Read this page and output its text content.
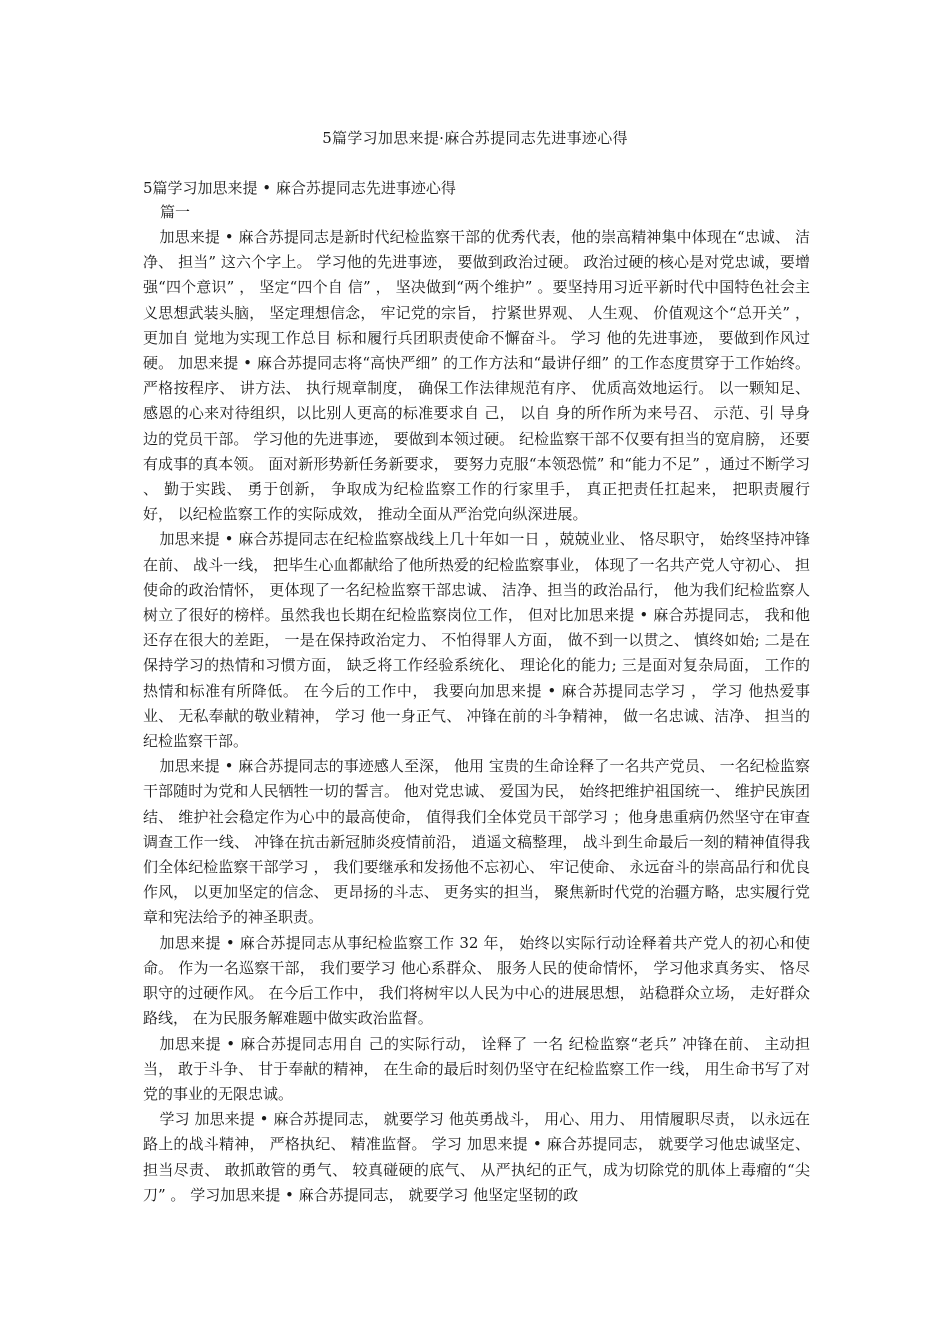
5篇学习加思来提·麻合苏提同志先进事迹心得
5篇学习加思来提 • 麻合苏提同志先进事迹心得
篇一

加思来提 • 麻合苏提同志是新时代纪检监察干部的优秀代表，他的崇高精神集中体现在“忠诚、 洁净、 担当” 这六个字上。 学习他的先进事迹， 要做到政治过硬。 政治过硬的核心是对党忠诚，要增强“四个意识” ， 坚定“四个自 信” ， 坚决做到“两个维护” 。要坚持用习近平新时代中国特色社会主义思想武装头脑， 坚定理想信念， 牢记党的宗旨， 拧紧世界观、 人生观、 价值观这个“总开关” ， 更加自 觉地为实现工作总目 标和履行兵团职责使命不懈奋斗。 学习 他的先进事迹， 要做到作风过硬。 加思来提 • 麻合苏提同志将“高快严细” 的工作方法和“最讲仔细” 的工作态度贯穿于工作始终。 严格按程序、 讲方法、 执行规章制度， 确保工作法律规范有序、 优质高效地运行。 以一颗知足、 感恩的心来对待组织，以比别人更高的标准要求自 己， 以自 身的所作所为来号召、 示范、引 导身边的党员干部。 学习他的先进事迹， 要做到本领过硬。 纪检监察干部不仅要有担当的宽肩膀， 还要有成事的真本领。 面对新形势新任务新要求， 要努力克服“本领恐慌” 和“能力不足” ，通过不断学习 、 勤于实践、 勇于创新， 争取成为纪检监察工作的行家里手， 真正把责任扛起来， 把职责履行好， 以纪检监察工作的实际成效， 推动全面从严治党向纵深进展。

加思来提 • 麻合苏提同志在纪检监察战线上几十年如一日 ，兢兢业业、 恪尽职守， 始终坚持冲锋在前、 战斗一线， 把毕生心血都献给了他所热爱的纪检监察事业， 体现了一名共产党人守初心、 担使命的政治情怀， 更体现了一名纪检监察干部忠诚、 洁净、担当的政治品行， 他为我们纪检监察人树立了很好的榜样。虽然我也长期在纪检监察岗位工作， 但对比加思来提 • 麻合苏提同志， 我和他还存在很大的差距， 一是在保持政治定力、 不怕得罪人方面， 做不到一以贯之、 慎终如始; 二是在保持学习的热情和习惯方面， 缺乏将工作经验系统化、 理论化的能力; 三是面对复杂局面， 工作的热情和标准有所降低。 在今后的工作中， 我要向加思来提 • 麻合苏提同志学习 ， 学习 他热爱事业、 无私奉献的敬业精神， 学习 他一身正气、 冲锋在前的斗争精神， 做一名忠诚、洁净、 担当的纪检监察干部。

加思来提 • 麻合苏提同志的事迹感人至深， 他用 宝贵的生命诠释了一名共产党员、 一名纪检监察干部随时为党和人民牺牲一切的誓言。 他对党忠诚、 爱国为民， 始终把维护祖国统一、 维护民族团结、 维护社会稳定作为心中的最高使命， 值得我们全体党员干部学习 ；他身患重病仍然坚守在审查调查工作一线、 冲锋在抗击新冠肺炎疫情前沿， 逍遥文稿整理， 战斗到生命最后一刻的精神值得我们全体纪检监察干部学习 ， 我们要继承和发扬他不忘初心、 牢记使命、 永远奋斗的崇高品行和优良作风， 以更加坚定的信念、 更昂扬的斗志、 更务实的担当， 聚焦新时代党的治疆方略，忠实履行党章和宪法给予的神圣职责。

加思来提 • 麻合苏提同志从事纪检监察工作 32 年， 始终以实际行动诠释着共产党人的初心和使命。 作为一名巡察干部， 我们要学习 他心系群众、 服务人民的使命情怀， 学习他求真务实、 恪尽职守的过硬作风。 在今后工作中， 我们将树牢以人民为中心的进展思想， 站稳群众立场， 走好群众路线， 在为民服务解难题中做实政治监督。

加思来提 • 麻合苏提同志用自 己的实际行动， 诠释了 一名 纪检监察“老兵” 冲锋在前、 主动担当， 敢于斗争、 甘于奉献的精神， 在生命的最后时刻仍坚守在纪检监察工作一线， 用生命书写了对党的事业的无限忠诚。

学习 加思来提 • 麻合苏提同志， 就要学习 他英勇战斗， 用心、用力、 用情履职尽责， 以永远在路上的战斗精神， 严格执纪、 精准监督。 学习 加思来提 • 麻合苏提同志， 就要学习他忠诚坚定、担当尽责、 敢抓敢管的勇气、 较真碰硬的底气、 从严执纪的正气，成为切除党的肌体上毒瘤的“尖刀” 。 学习加思来提 • 麻合苏提同志， 就要学习 他坚定坚韧的政
